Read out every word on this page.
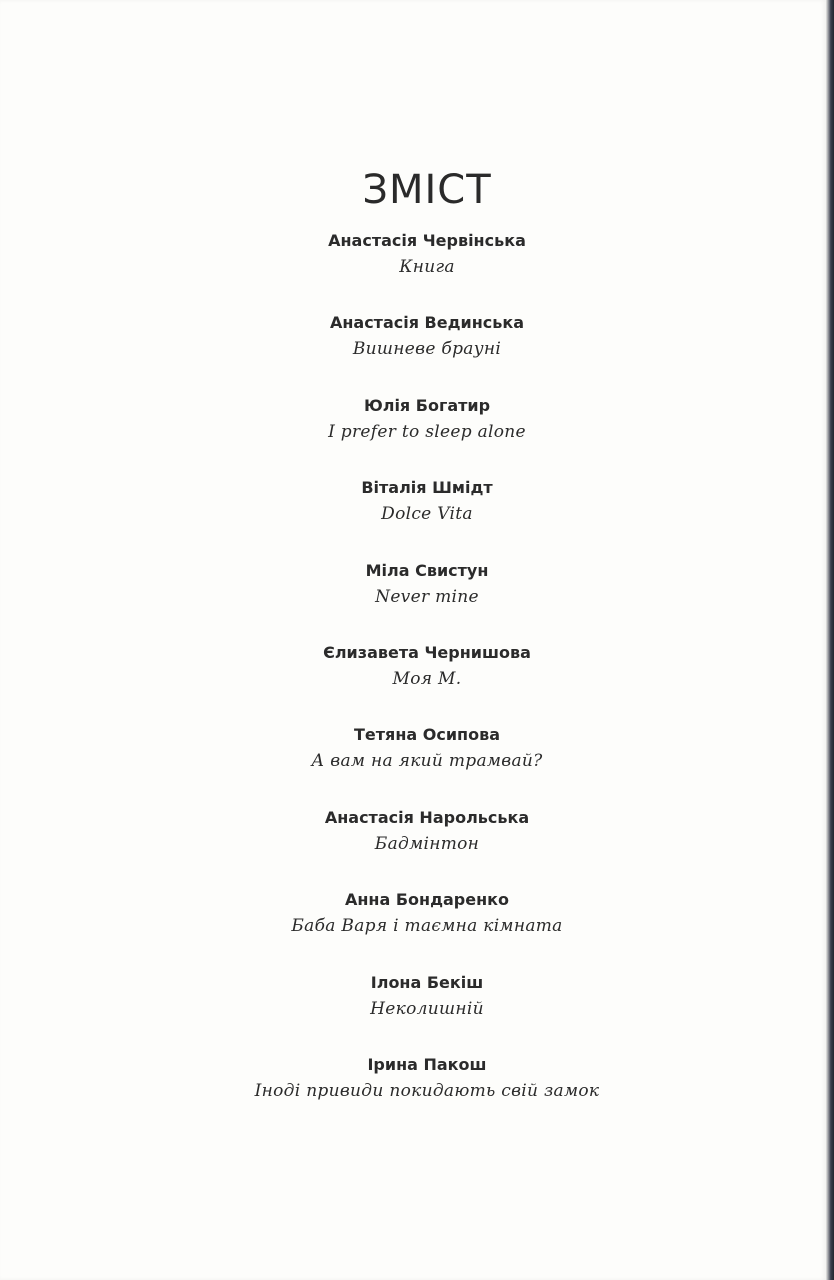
ЗМІСТ
Анастасія Червінська
Книга
Анастасія Вединська
Вишневе брауні
Юлія Богатир
I prefer to sleep alone
Віталія Шмідт
Dolce Vita
Міла Свистун
Never mine
Єлизавета Чернишова
Моя М.
Тетяна Осипова
А вам на який трамвай?
Анастасія Нарольська
Бадмінтон
Анна Бондаренко
Баба Варя і таємна кімната
Ілона Бекіш
Неколишній
Ірина Пакош
Іноді привиди покидають свій замок
